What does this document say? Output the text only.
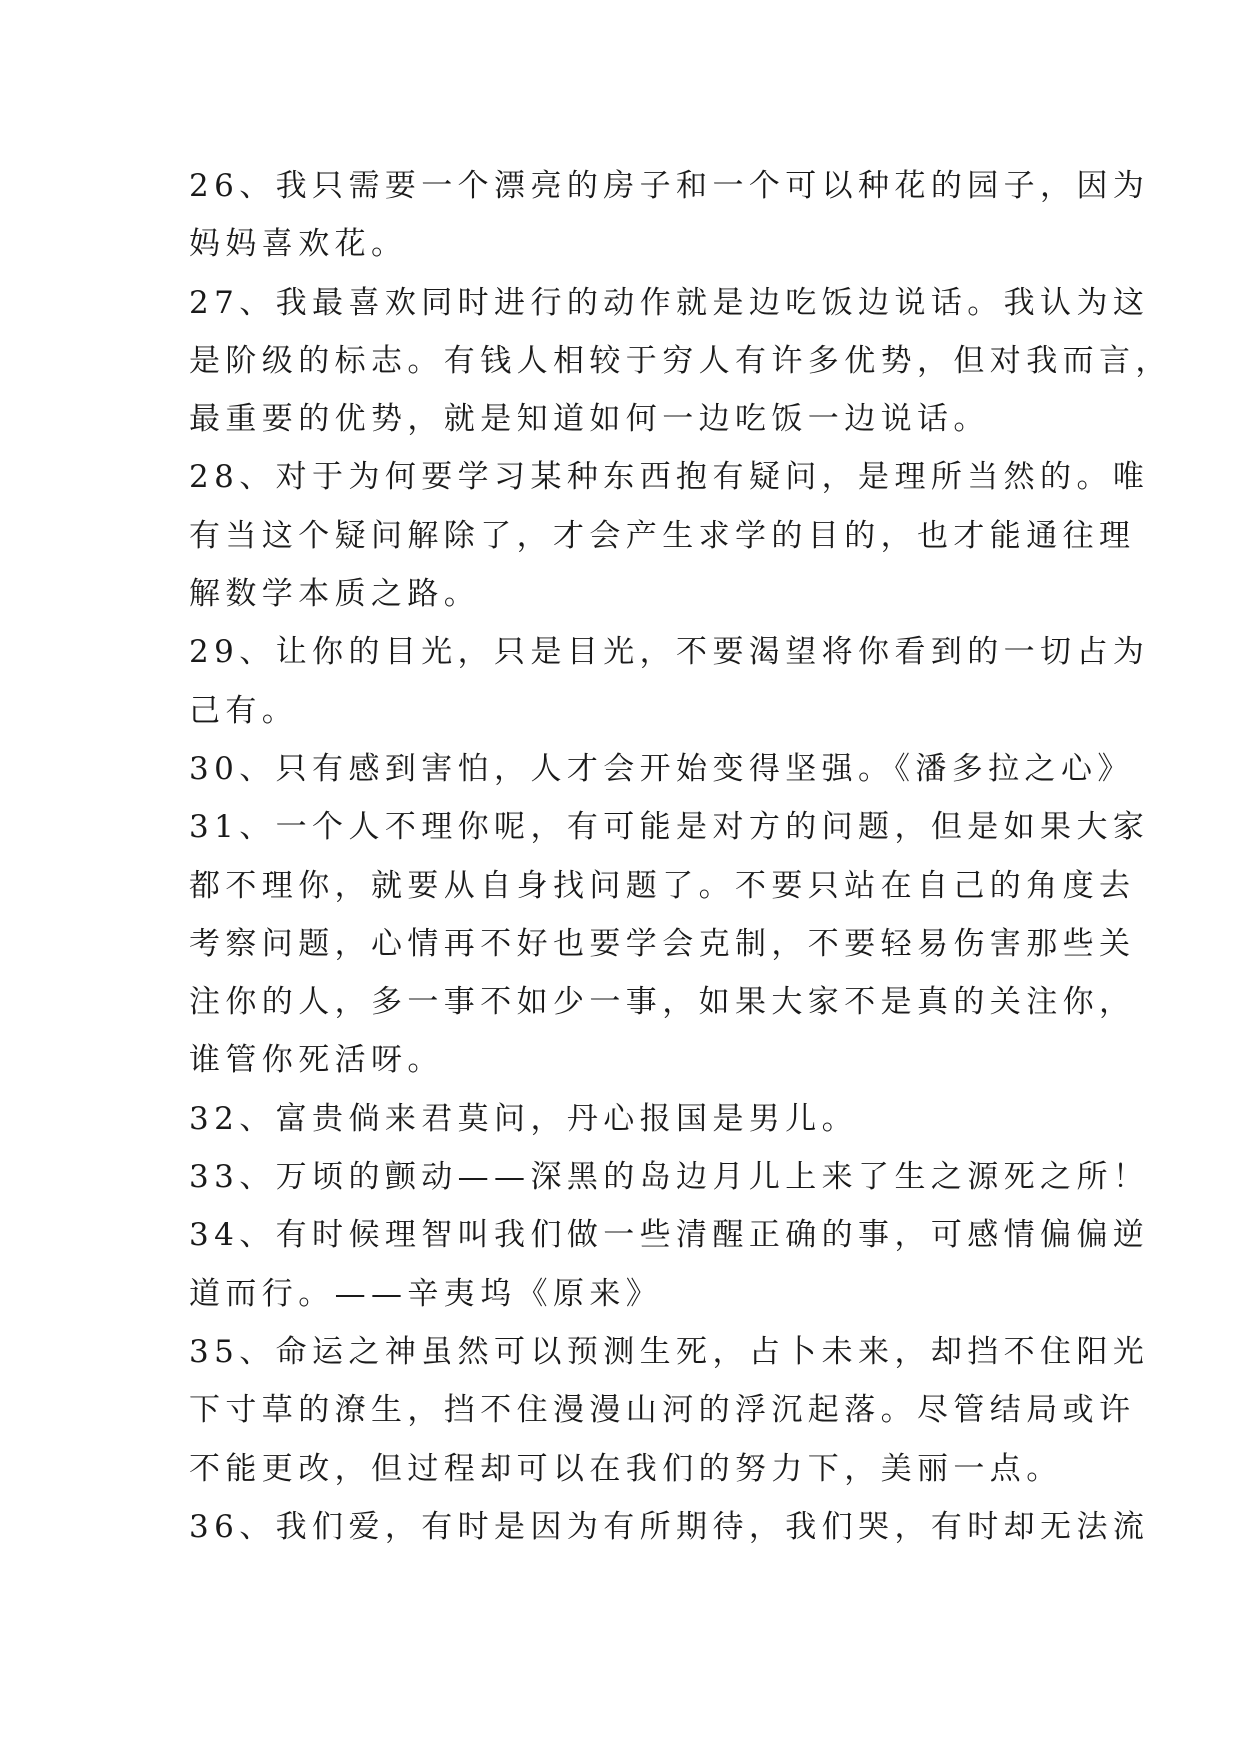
26、我只需要一个漂亮的房子和一个可以种花的园子，因为
妈妈喜欢花。
27、我最喜欢同时进行的动作就是边吃饭边说话。我认为这
是阶级的标志。有钱人相较于穷人有许多优势，但对我而言，
最重要的优势，就是知道如何一边吃饭一边说话。
28、对于为何要学习某种东西抱有疑问，是理所当然的。唯
有当这个疑问解除了，才会产生求学的目的，也才能通往理
解数学本质之路。
29、让你的目光，只是目光，不要渴望将你看到的一切占为
己有。
30、只有感到害怕，人才会开始变得坚强。《潘多拉之心》
31、一个人不理你呢，有可能是对方的问题，但是如果大家
都不理你，就要从自身找问题了。不要只站在自己的角度去
考察问题，心情再不好也要学会克制，不要轻易伤害那些关
注你的人，多一事不如少一事，如果大家不是真的关注你，
谁管你死活呀。
32、富贵倘来君莫问，丹心报国是男儿。
33、万顷的颤动——深黑的岛边月儿上来了生之源死之所！
34、有时候理智叫我们做一些清醒正确的事，可感情偏偏逆
道而行。——辛夷坞《原来》
35、命运之神虽然可以预测生死，占卜未来，却挡不住阳光
下寸草的潦生，挡不住漫漫山河的浮沉起落。尽管结局或许
不能更改，但过程却可以在我们的努力下，美丽一点。
36、我们爱，有时是因为有所期待，我们哭，有时却无法流
